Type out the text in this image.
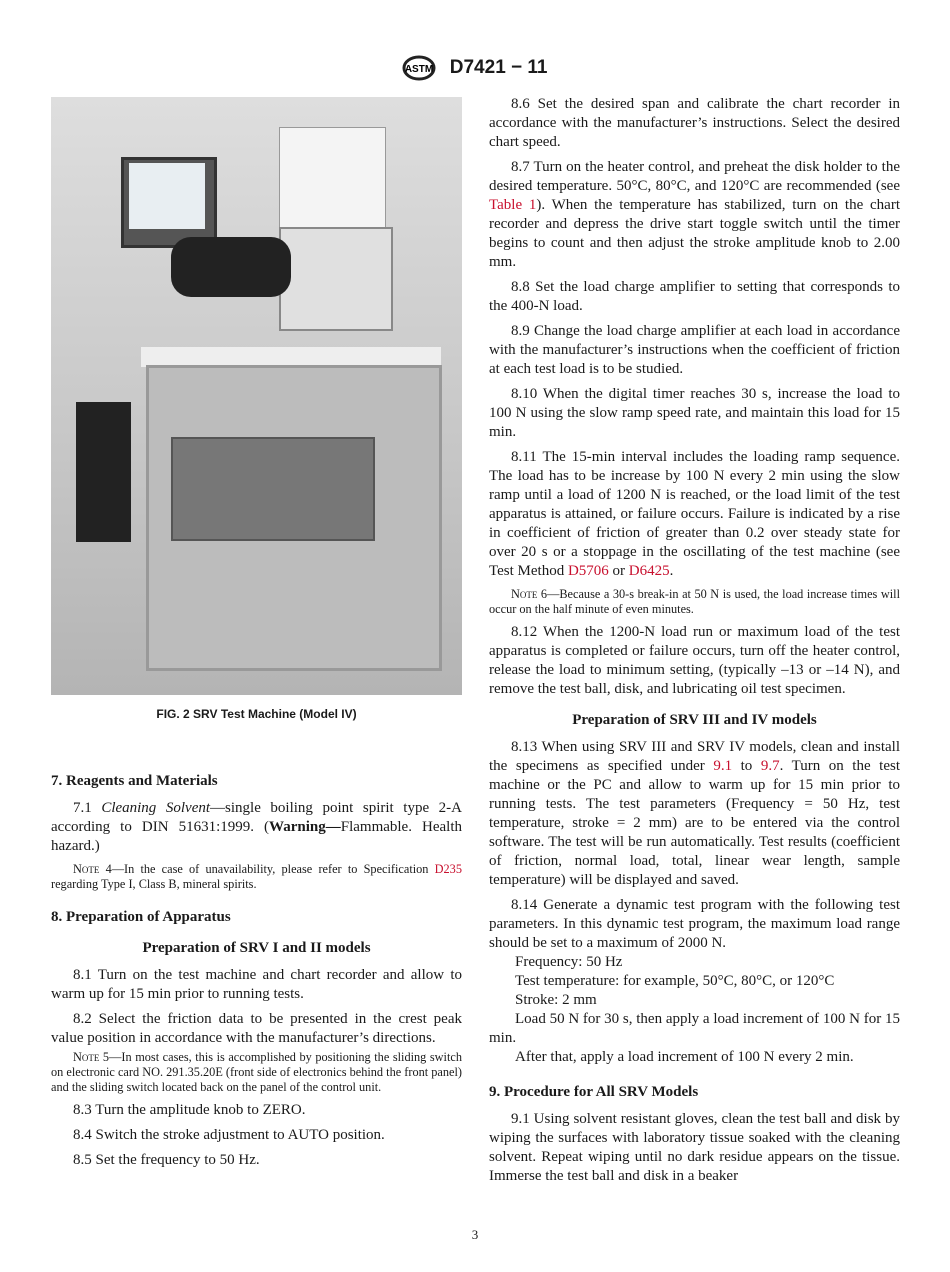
ASTM D7421 − 11
FIG. 2 SRV Test Machine (Model IV)

7. Reagents and Materials

7.1 Cleaning Solvent—single boiling point spirit type 2-A according to DIN 51631:1999. (Warning—Flammable. Health hazard.)

Note 4—In the case of unavailability, please refer to Specification D235 regarding Type I, Class B, mineral spirits.

8. Preparation of Apparatus

Preparation of SRV I and II models

8.1 Turn on the test machine and chart recorder and allow to warm up for 15 min prior to running tests.

8.2 Select the friction data to be presented in the crest peak value position in accordance with the manufacturer’s directions.

Note 5—In most cases, this is accomplished by positioning the sliding switch on electronic card NO. 291.35.20E (front side of electronics behind the front panel) and the sliding switch located back on the panel of the control unit.

8.3 Turn the amplitude knob to ZERO.

8.4 Switch the stroke adjustment to AUTO position.

8.5 Set the frequency to 50 Hz.

8.6 Set the desired span and calibrate the chart recorder in accordance with the manufacturer’s instructions. Select the desired chart speed.

8.7 Turn on the heater control, and preheat the disk holder to the desired temperature. 50°C, 80°C, and 120°C are recommended (see Table 1). When the temperature has stabilized, turn on the chart recorder and depress the drive start toggle switch until the timer begins to count and then adjust the stroke amplitude knob to 2.00 mm.

8.8 Set the load charge amplifier to setting that corresponds to the 400-N load.

8.9 Change the load charge amplifier at each load in accordance with the manufacturer’s instructions when the coefficient of friction at each test load is to be studied.

8.10 When the digital timer reaches 30 s, increase the load to 100 N using the slow ramp speed rate, and maintain this load for 15 min.

8.11 The 15-min interval includes the loading ramp sequence. The load has to be increase by 100 N every 2 min using the slow ramp until a load of 1200 N is reached, or the load limit of the test apparatus is attained, or failure occurs. Failure is indicated by a rise in coefficient of friction of greater than 0.2 over steady state for over 20 s or a stoppage in the oscillating of the test machine (see Test Method D5706 or D6425.

Note 6—Because a 30-s break-in at 50 N is used, the load increase times will occur on the half minute of even minutes.

8.12 When the 1200-N load run or maximum load of the test apparatus is completed or failure occurs, turn off the heater control, release the load to minimum setting, (typically –13 or –14 N), and remove the test ball, disk, and lubricating oil test specimen.

Preparation of SRV III and IV models

8.13 When using SRV III and SRV IV models, clean and install the specimens as specified under 9.1 to 9.7. Turn on the test machine or the PC and allow to warm up for 15 min prior to running tests. The test parameters (Frequency = 50 Hz, test temperature, stroke = 2 mm) are to be entered via the control software. The test will be run automatically. Test results (coefficient of friction, normal load, total, linear wear length, sample temperature) will be displayed and saved.

8.14 Generate a dynamic test program with the following test parameters. In this dynamic test program, the maximum load range should be set to a maximum of 2000 N.

Frequency: 50 Hz

Test temperature: for example, 50°C, 80°C, or 120°C

Stroke: 2 mm

Load 50 N for 30 s, then apply a load increment of 100 N for 15 min.

After that, apply a load increment of 100 N every 2 min.

9. Procedure for All SRV Models

9.1 Using solvent resistant gloves, clean the test ball and disk by wiping the surfaces with laboratory tissue soaked with the cleaning solvent. Repeat wiping until no dark residue appears on the tissue. Immerse the test ball and disk in a beaker

3
